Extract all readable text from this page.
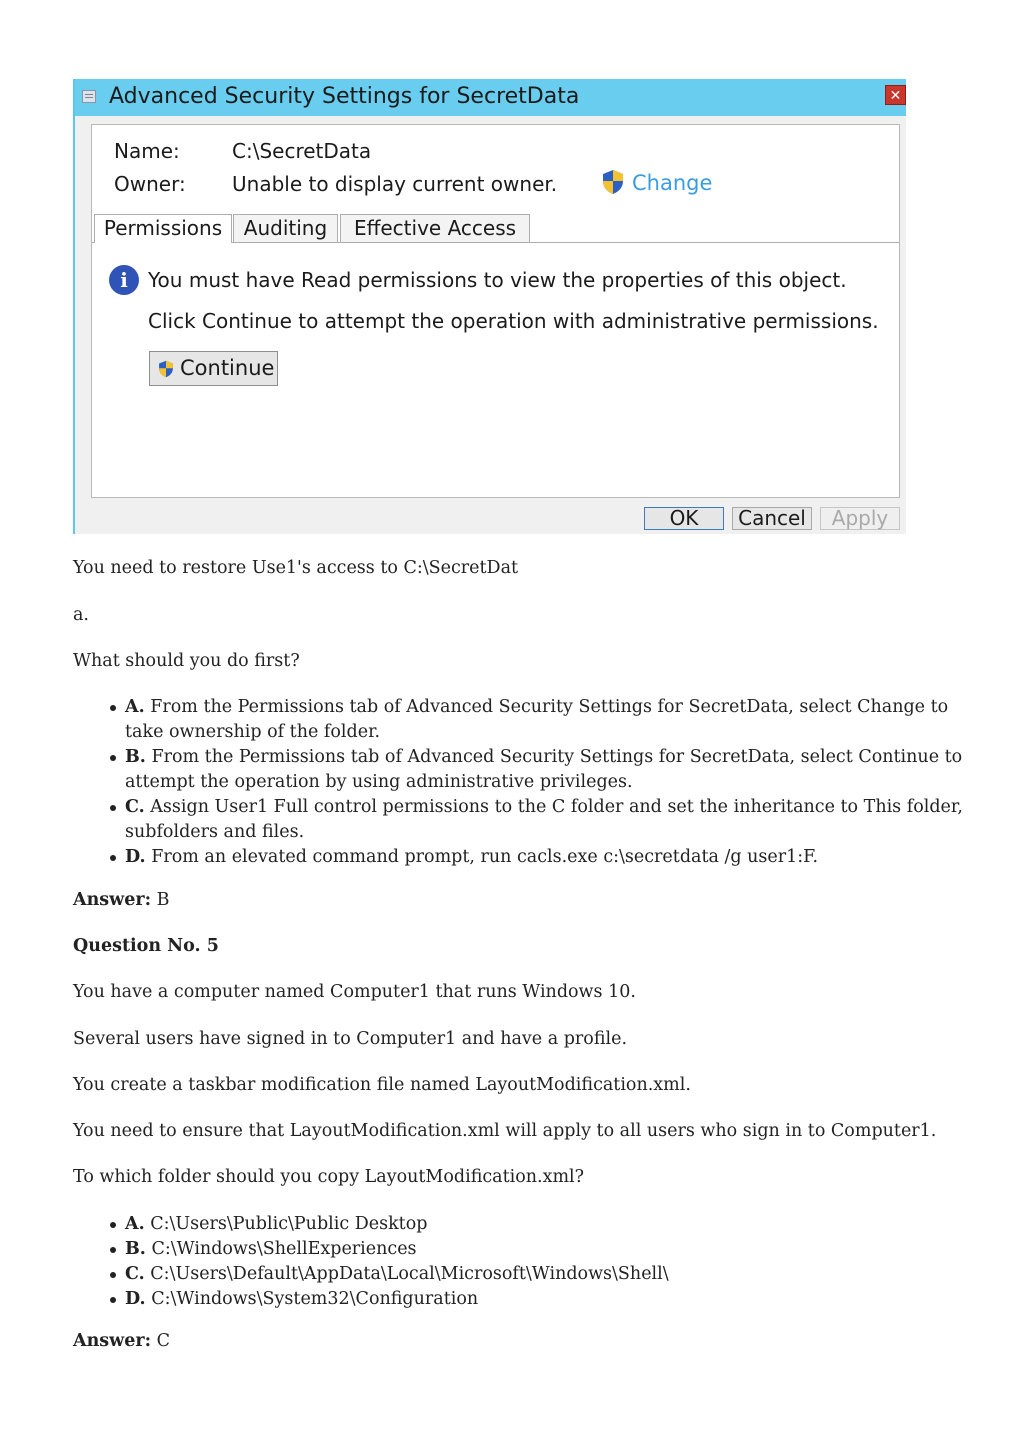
Advanced Security Settings for SecretData	✕
Name:	C:\SecretData
Owner: Unable to display current owner.	Change
Permissions	Auditing	Effective Access
i	You must have Read permissions to view the properties of this object.
Click Continue to attempt the operation with administrative permissions.
Continue
OK	Cancel	Apply
You need to restore Use1's access to C:\SecretDat
a.
What should you do first?
A. From the Permissions tab of Advanced Security Settings for SecretData, select Change to
take ownership of the folder.
B. From the Permissions tab of Advanced Security Settings for SecretData, select Continue to
attempt the operation by using administrative privileges.
C. Assign User1 Full control permissions to the C folder and set the inheritance to This folder,
subfolders and files.
D. From an elevated command prompt, run cacls.exe c:\secretdata /g user1:F.
Answer: B
Question No. 5
You have a computer named Computer1 that runs Windows 10.
Several users have signed in to Computer1 and have a profile.
You create a taskbar modification file named LayoutModification.xml.
You need to ensure that LayoutModification.xml will apply to all users who sign in to Computer1.
To which folder should you copy LayoutModification.xml?
A. C:\Users\Public\Public Desktop
B. C:\Windows\ShellExperiences
C. C:\Users\Default\AppData\Local\Microsoft\Windows\Shell\
D. C:\Windows\System32\Configuration
Answer: C
